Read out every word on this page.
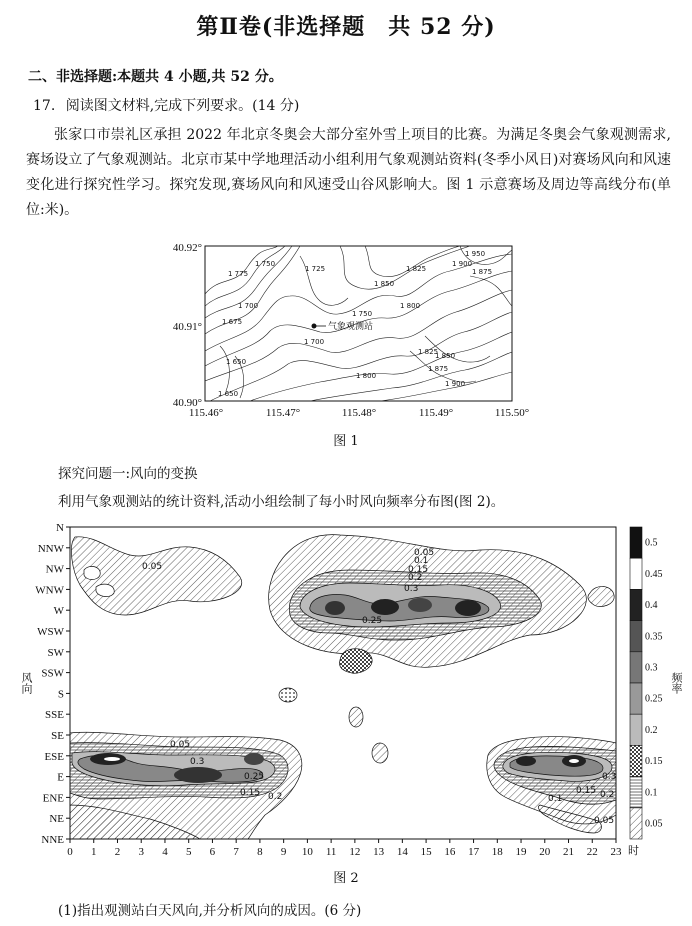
第Ⅱ卷(非选择题　共 52 分)
二、非选择题:本题共 4 小题,共 52 分。
17. 阅读图文材料,完成下列要求。(14 分)
张家口市崇礼区承担 2022 年北京冬奥会大部分室外雪上项目的比赛。为满足冬奥会气象观测需求,赛场设立了气象观测站。北京市某中学地理活动小组利用气象观测站资料(冬季小风日)对赛场风向和风速变化进行探究性学习。探究发现,赛场风向和风速受山谷风影响大。图 1 示意赛场及周边等高线分布(单位:米)。
气象观测站
40.92°
40.91°
40.90°
115.46°	115.47°	115.48°	115.49°	115.50°
1 950
1 900
1 875
1 850
1 825
1 800
1 775
1 750
1 725
1 700
1 675
1 650
1 850
1 875
1 825
1 750
1 800
1 700
1 650
1 900
图 1
探究问题一:风向的变换
利用气象观测站的统计资料,活动小组绘制了每小时风向频率分布图(图 2)。
0.05
0.05
0.1
0.15
0.2
0.3
0.25
0.05
0.3
0.25
0.15 0.2
0.3
0.1
0.15 0.2
0.05
N
NNW
NW
WNW
W
WSW
SW
SSW
S
SSE
SE
ESE
E
ENE
NE
NNE
0 1 2 3 4 5 6 7 8 9 10 11 12 13 14 15 16 17 18 19 20 21 22 23
风向
时
0.5
0.45
0.4
0.35
0.3
0.25
0.2
0.15
0.1
0.05
频率
图 2
(1)指出观测站白天风向,并分析风向的成因。(6 分)
